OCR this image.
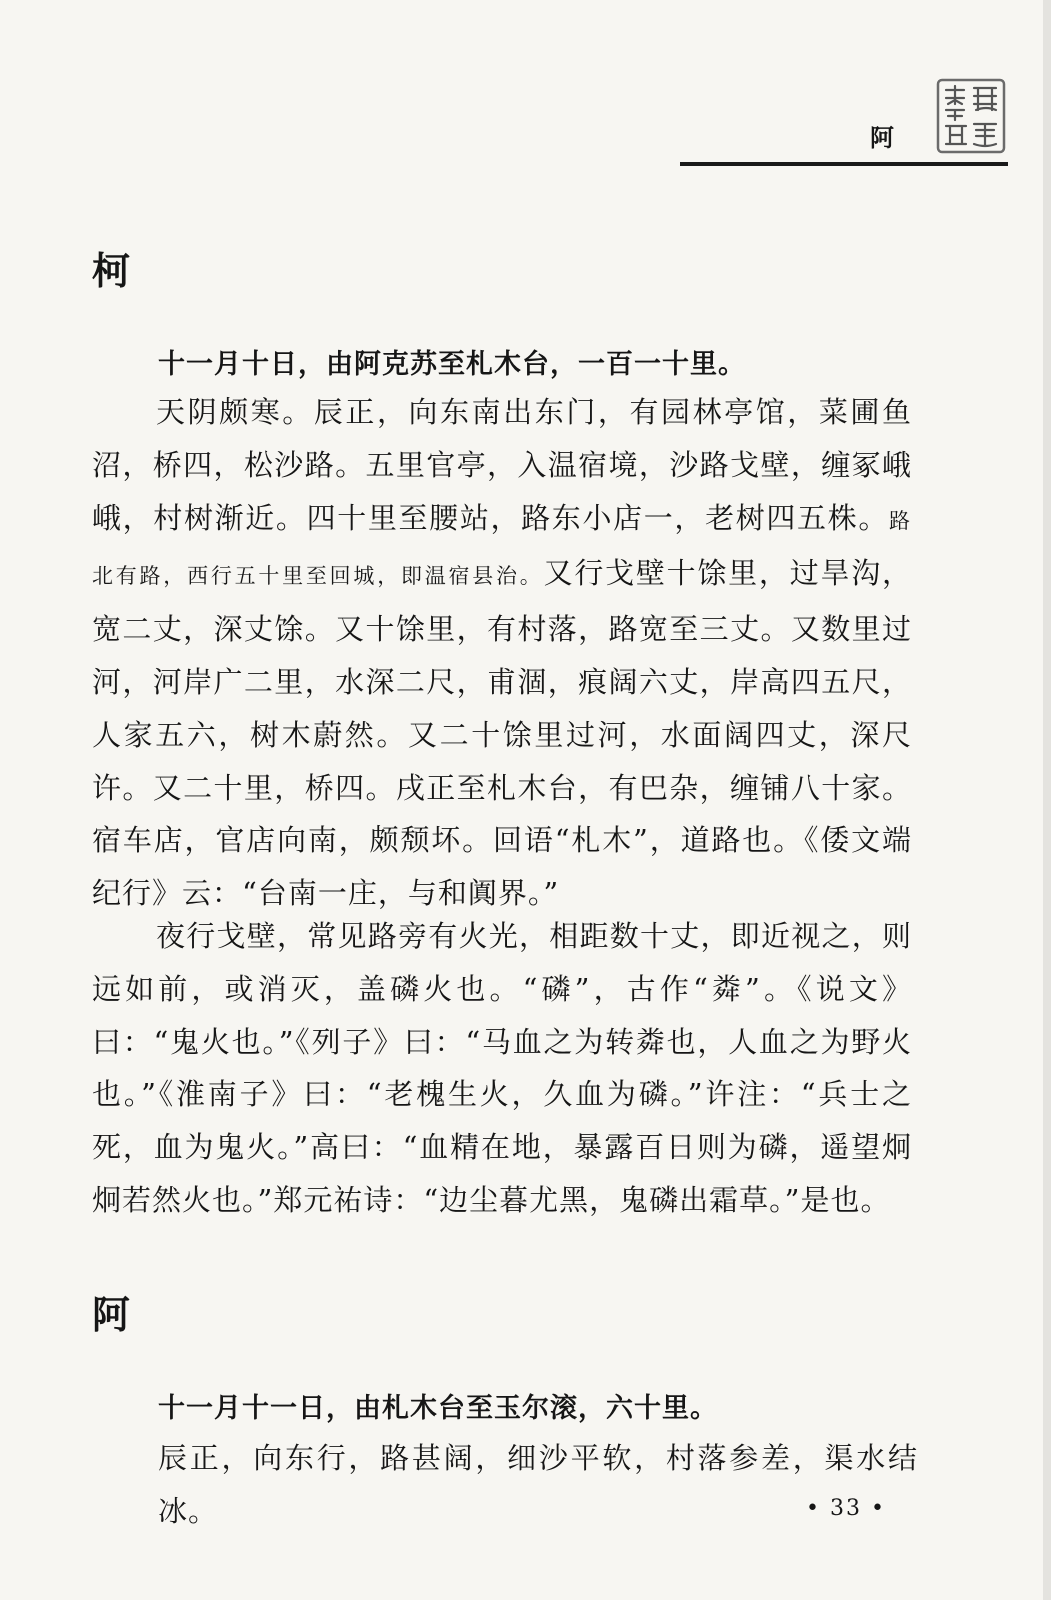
阿
柯
十一月十日，由阿克苏至札木台，一百一十里。

天阴颇寒。辰正，向东南出东门，有园林亭馆，菜圃鱼沼，桥四，松沙路。五里官亭，入温宿境，沙路戈壁，缠冢峨峨，村树渐近。四十里至腰站，路东小店一，老树四五株。路北有路，西行五十里至回城，即温宿县治。又行戈壁十馀里，过旱沟，宽二丈，深丈馀。又十馀里，有村落，路宽至三丈。又数里过河，河岸广二里，水深二尺，甫涸，痕阔六丈，岸高四五尺，人家五六，树木蔚然。又二十馀里过河，水面阔四丈，深尺许。又二十里，桥四。戌正至札木台，有巴杂，缠铺八十家。宿车店，官店向南，颇颓坏。回语“札木”，道路也。《倭文端纪行》云：“台南一庄，与和阗界。”

夜行戈壁，常见路旁有火光，相距数十丈，即近视之，则远如前，或消灭，盖磷火也。“磷”，古作“粦”。《说文》曰：“鬼火也。”《列子》曰：“马血之为转粦也，人血之为野火也。”《淮南子》曰：“老槐生火，久血为磷。”许注：“兵士之死，血为鬼火。”高曰：“血精在地，暴露百日则为磷，遥望炯炯若然火也。”郑元祐诗：“边尘暮尤黑，鬼磷出霜草。”是也。

阿
十一月十一日，由札木台至玉尔滚，六十里。

辰正，向东行，路甚阔，细沙平软，村落参差，渠水结冰。	• 33 •
